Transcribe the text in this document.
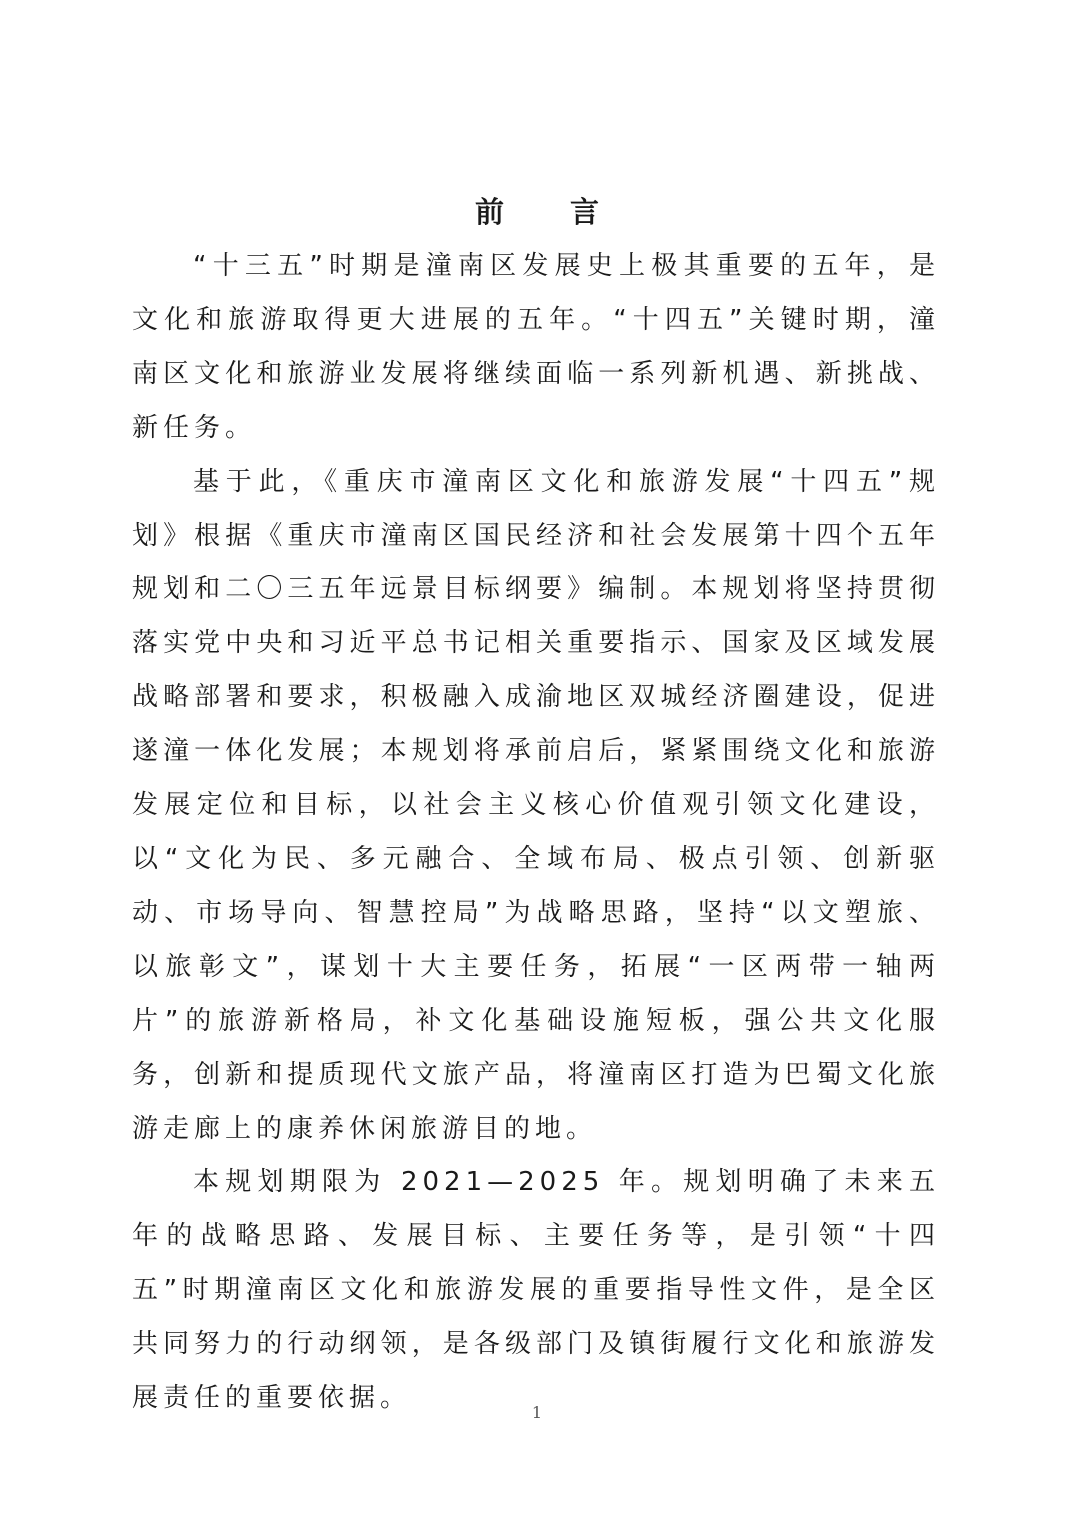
前 言

“十三五”时期是潼南区发展史上极其重要的五年，是文化和旅游取得更大进展的五年。“十四五”关键时期，潼南区文化和旅游业发展将继续面临一系列新机遇、新挑战、新任务。

基于此，《重庆市潼南区文化和旅游发展“十四五”规划》根据《重庆市潼南区国民经济和社会发展第十四个五年规划和二〇三五年远景目标纲要》编制。本规划将坚持贯彻落实党中央和习近平总书记相关重要指示、国家及区域发展战略部署和要求，积极融入成渝地区双城经济圈建设，促进遂潼一体化发展；本规划将承前启后，紧紧围绕文化和旅游发展定位和目标，以社会主义核心价值观引领文化建设，以“文化为民、多元融合、全域布局、极点引领、创新驱动、市场导向、智慧控局”为战略思路，坚持“以文塑旅、以旅彰文”，谋划十大主要任务，拓展“一区两带一轴两片”的旅游新格局，补文化基础设施短板，强公共文化服务，创新和提质现代文旅产品，将潼南区打造为巴蜀文化旅游走廊上的康养休闲旅游目的地。

本规划期限为 2021—2025 年。规划明确了未来五年的战略思路、发展目标、主要任务等，是引领“十四五”时期潼南区文化和旅游发展的重要指导性文件，是全区共同努力的行动纲领，是各级部门及镇街履行文化和旅游发展责任的重要依据。	1
